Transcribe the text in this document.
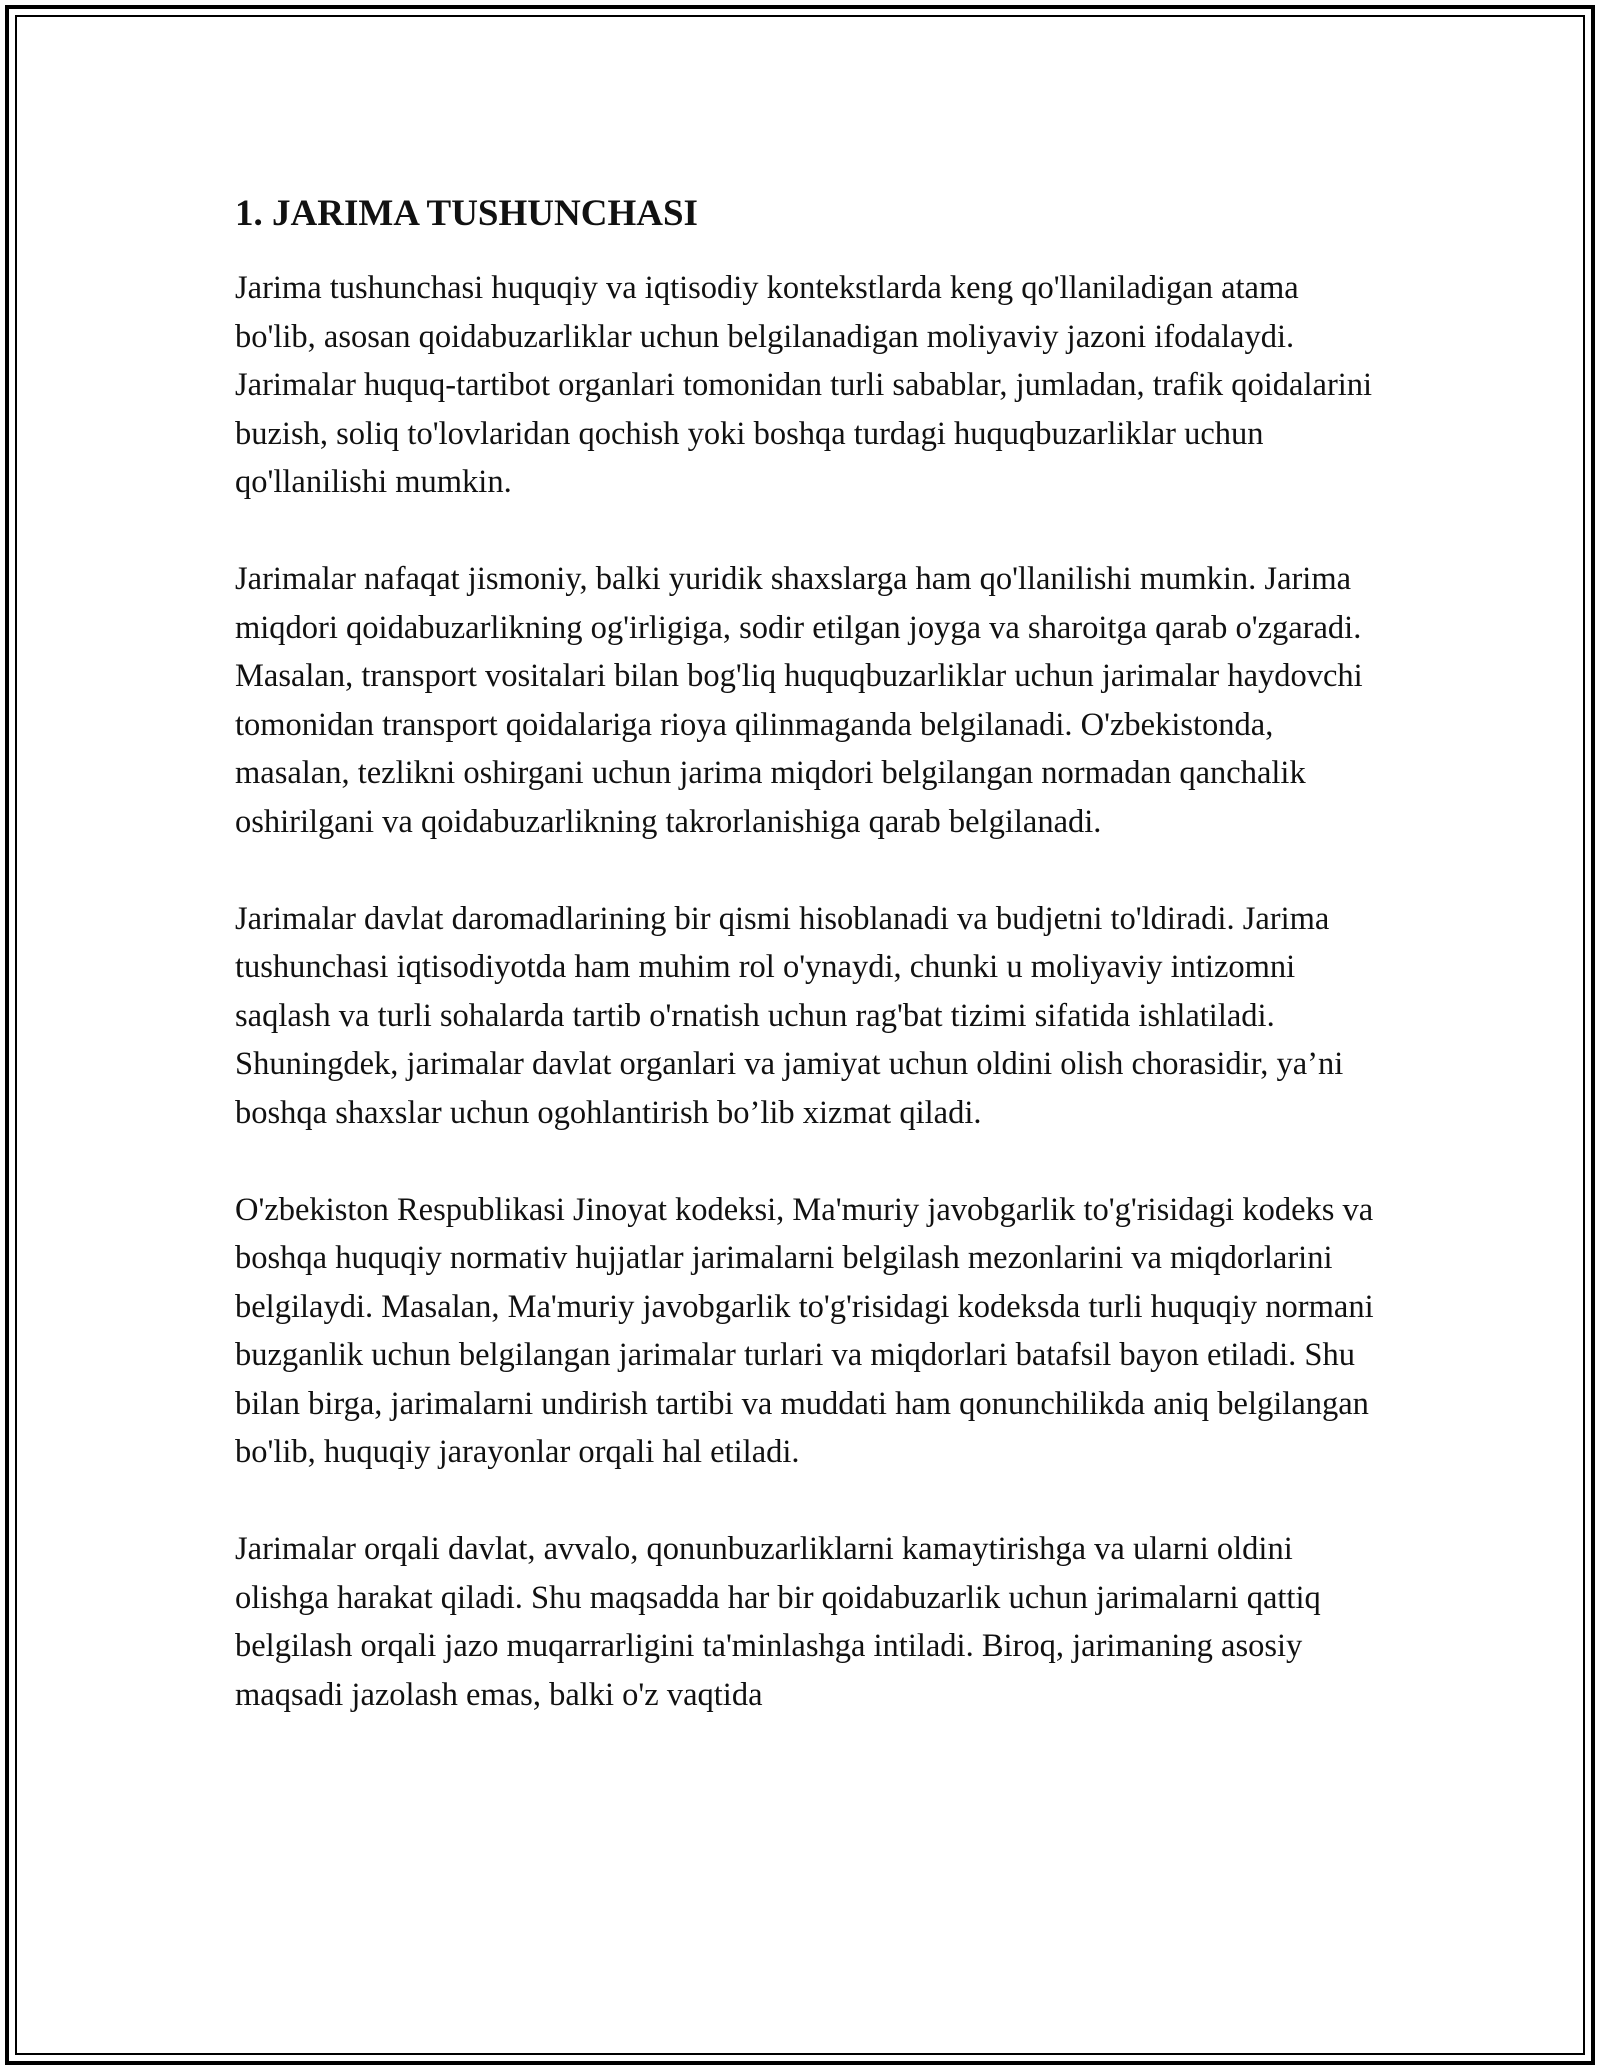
1. JARIMA TUSHUNCHASI

Jarima tushunchasi huquqiy va iqtisodiy kontekstlarda keng qo'llaniladigan atama bo'lib, asosan qoidabuzarliklar uchun belgilanadigan moliyaviy jazoni ifodalaydi. Jarimalar huquq-tartibot organlari tomonidan turli sabablar, jumladan, trafik qoidalarini buzish, soliq to'lovlaridan qochish yoki boshqa turdagi huquqbuzarliklar uchun qo'llanilishi mumkin.

Jarimalar nafaqat jismoniy, balki yuridik shaxslarga ham qo'llanilishi mumkin. Jarima miqdori qoidabuzarlikning og'irligiga, sodir etilgan joyga va sharoitga qarab o'zgaradi. Masalan, transport vositalari bilan bog'liq huquqbuzarliklar uchun jarimalar haydovchi tomonidan transport qoidalariga rioya qilinmaganda belgilanadi. O'zbekistonda, masalan, tezlikni oshirgani uchun jarima miqdori belgilangan normadan qanchalik oshirilgani va qoidabuzarlikning takrorlanishiga qarab belgilanadi.

Jarimalar davlat daromadlarining bir qismi hisoblanadi va budjetni to'ldiradi. Jarima tushunchasi iqtisodiyotda ham muhim rol o'ynaydi, chunki u moliyaviy intizomni saqlash va turli sohalarda tartib o'rnatish uchun rag'bat tizimi sifatida ishlatiladi. Shuningdek, jarimalar davlat organlari va jamiyat uchun oldini olish chorasidir, ya’ni boshqa shaxslar uchun ogohlantirish bo’lib xizmat qiladi.

O'zbekiston Respublikasi Jinoyat kodeksi, Ma'muriy javobgarlik to'g'risidagi kodeks va boshqa huquqiy normativ hujjatlar jarimalarni belgilash mezonlarini va miqdorlarini belgilaydi. Masalan, Ma'muriy javobgarlik to'g'risidagi kodeksda turli huquqiy normani buzganlik uchun belgilangan jarimalar turlari va miqdorlari batafsil bayon etiladi. Shu bilan birga, jarimalarni undirish tartibi va muddati ham qonunchilikda aniq belgilangan bo'lib, huquqiy jarayonlar orqali hal etiladi.

Jarimalar orqali davlat, avvalo, qonunbuzarliklarni kamaytirishga va ularni oldini olishga harakat qiladi. Shu maqsadda har bir qoidabuzarlik uchun jarimalarni qattiq belgilash orqali jazo muqarrarligini ta'minlashga intiladi. Biroq, jarimaning asosiy maqsadi jazolash emas, balki o'z vaqtida
